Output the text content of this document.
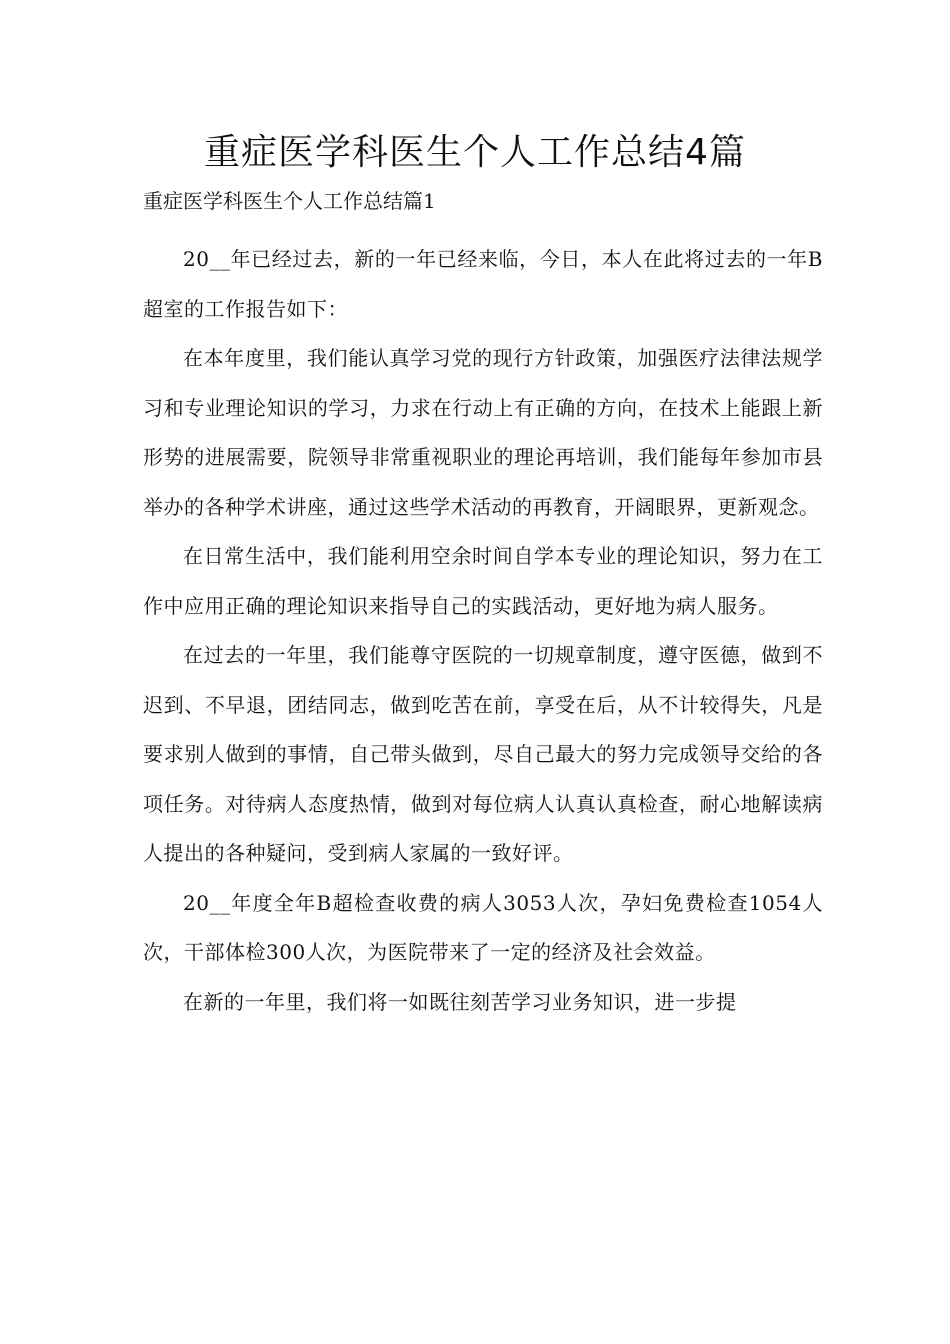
重症医学科医生个人工作总结4篇

重症医学科医生个人工作总结篇1

20__年已经过去，新的一年已经来临，今日，本人在此将过去的一年B超室的工作报告如下：

在本年度里，我们能认真学习党的现行方针政策，加强医疗法律法规学习和专业理论知识的学习，力求在行动上有正确的方向，在技术上能跟上新形势的进展需要，院领导非常重视职业的理论再培训，我们能每年参加市县举办的各种学术讲座，通过这些学术活动的再教育，开阔眼界，更新观念。

在日常生活中，我们能利用空余时间自学本专业的理论知识，努力在工作中应用正确的理论知识来指导自己的实践活动，更好地为病人服务。

在过去的一年里，我们能尊守医院的一切规章制度，遵守医德，做到不迟到、不早退，团结同志，做到吃苦在前，享受在后，从不计较得失，凡是要求别人做到的事情，自己带头做到，尽自己最大的努力完成领导交给的各项任务。对待病人态度热情，做到对每位病人认真认真检查，耐心地解读病人提出的各种疑问，受到病人家属的一致好评。

20__年度全年B超检查收费的病人3053人次，孕妇免费检查1054人次，干部体检300人次，为医院带来了一定的经济及社会效益。

在新的一年里，我们将一如既往刻苦学习业务知识，进一步提
